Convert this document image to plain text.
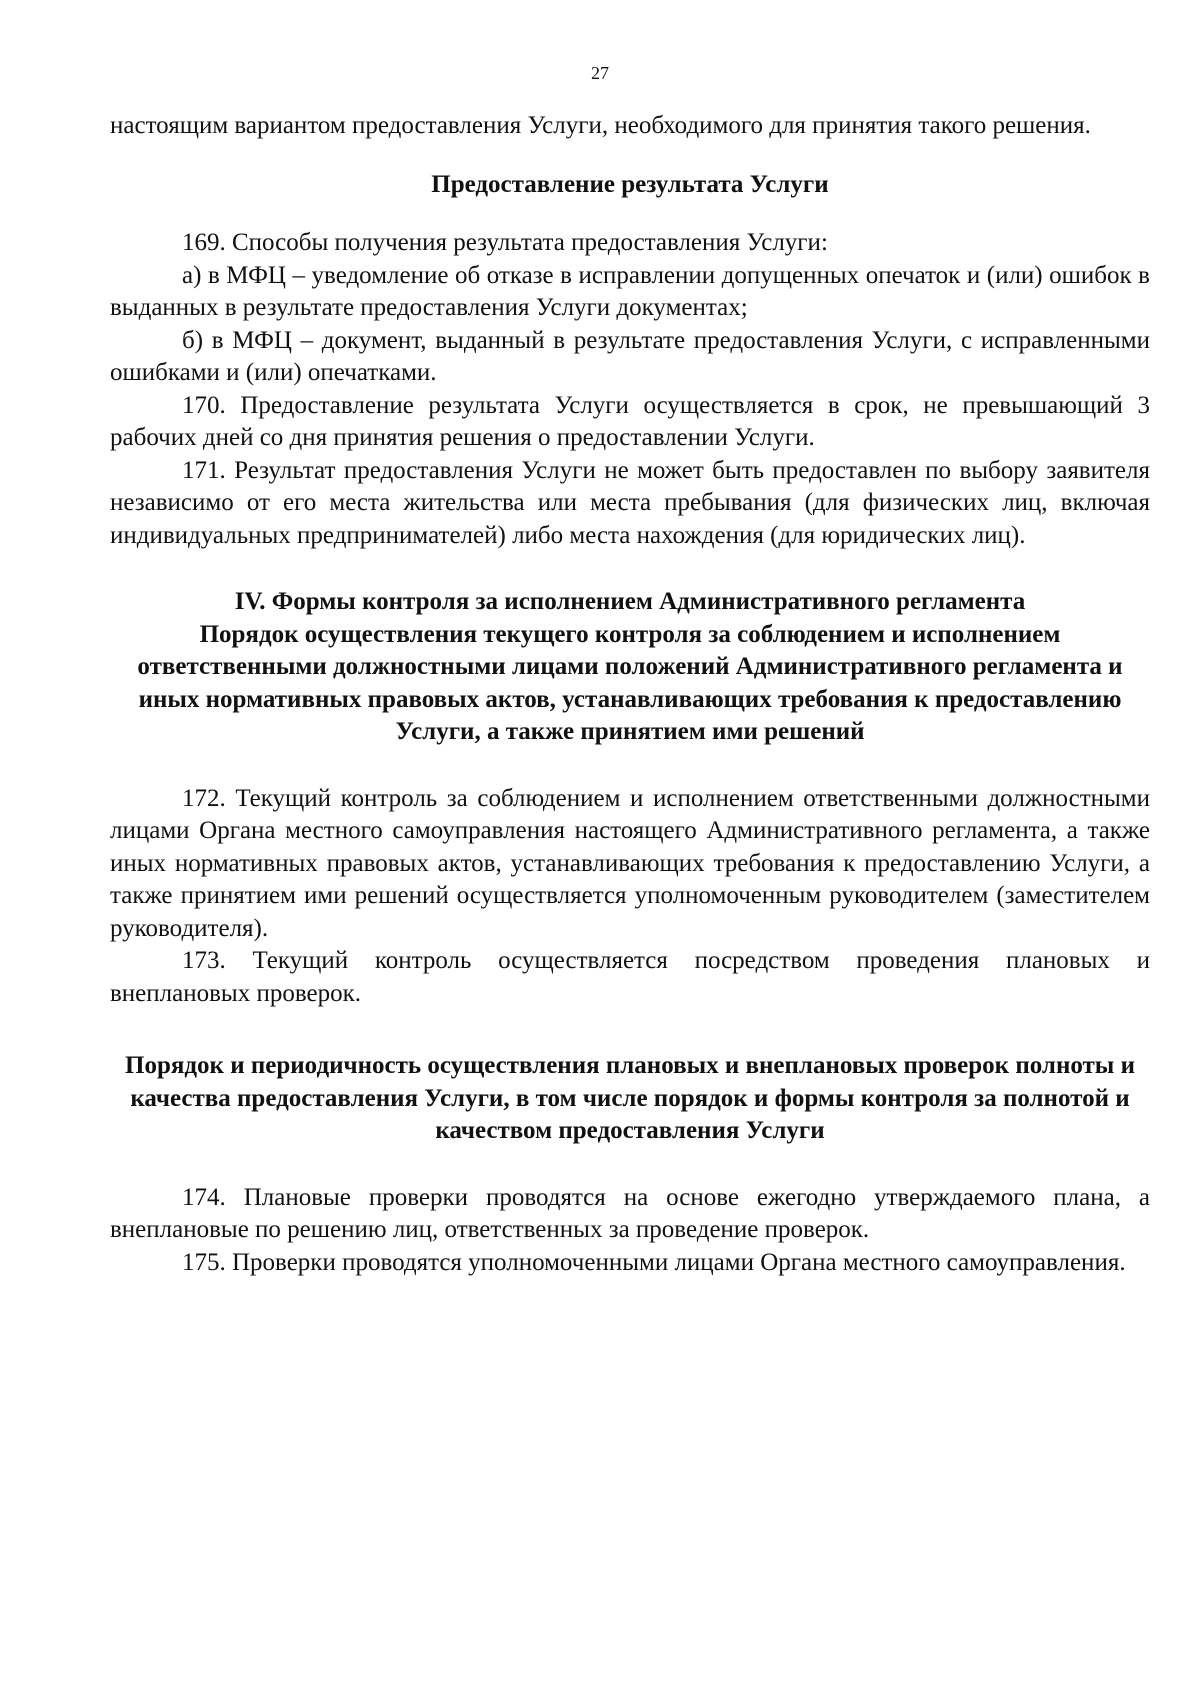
27

настоящим вариантом предоставления Услуги, необходимого для принятия такого решения.

Предоставление результата Услуги

169. Способы получения результата предоставления Услуги:

а) в МФЦ – уведомление об отказе в исправлении допущенных опечаток и (или) ошибок в выданных в результате предоставления Услуги документах;

б) в МФЦ – документ, выданный в результате предоставления Услуги, с исправленными ошибками и (или) опечатками.

170. Предоставление результата Услуги осуществляется в срок, не превышающий 3 рабочих дней со дня принятия решения о предоставлении Услуги.

171. Результат предоставления Услуги не может быть предоставлен по выбору заявителя независимо от его места жительства или места пребывания (для физических лиц, включая индивидуальных предпринимателей) либо места нахождения (для юридических лиц).

IV. Формы контроля за исполнением Административного регламента
Порядок осуществления текущего контроля за соблюдением и исполнением ответственными должностными лицами положений Административного регламента и иных нормативных правовых актов, устанавливающих требования к предоставлению Услуги, а также принятием ими решений

172. Текущий контроль за соблюдением и исполнением ответственными должностными лицами Органа местного самоуправления настоящего Административного регламента, а также иных нормативных правовых актов, устанавливающих требования к предоставлению Услуги, а также принятием ими решений осуществляется уполномоченным руководителем (заместителем руководителя).

173. Текущий контроль осуществляется посредством проведения плановых и внеплановых проверок.

Порядок и периодичность осуществления плановых и внеплановых проверок полноты и качества предоставления Услуги, в том числе порядок и формы контроля за полнотой и качеством предоставления Услуги

174. Плановые проверки проводятся на основе ежегодно утверждаемого плана, а внеплановые по решению лиц, ответственных за проведение проверок.

175. Проверки проводятся уполномоченными лицами Органа местного самоуправления.
